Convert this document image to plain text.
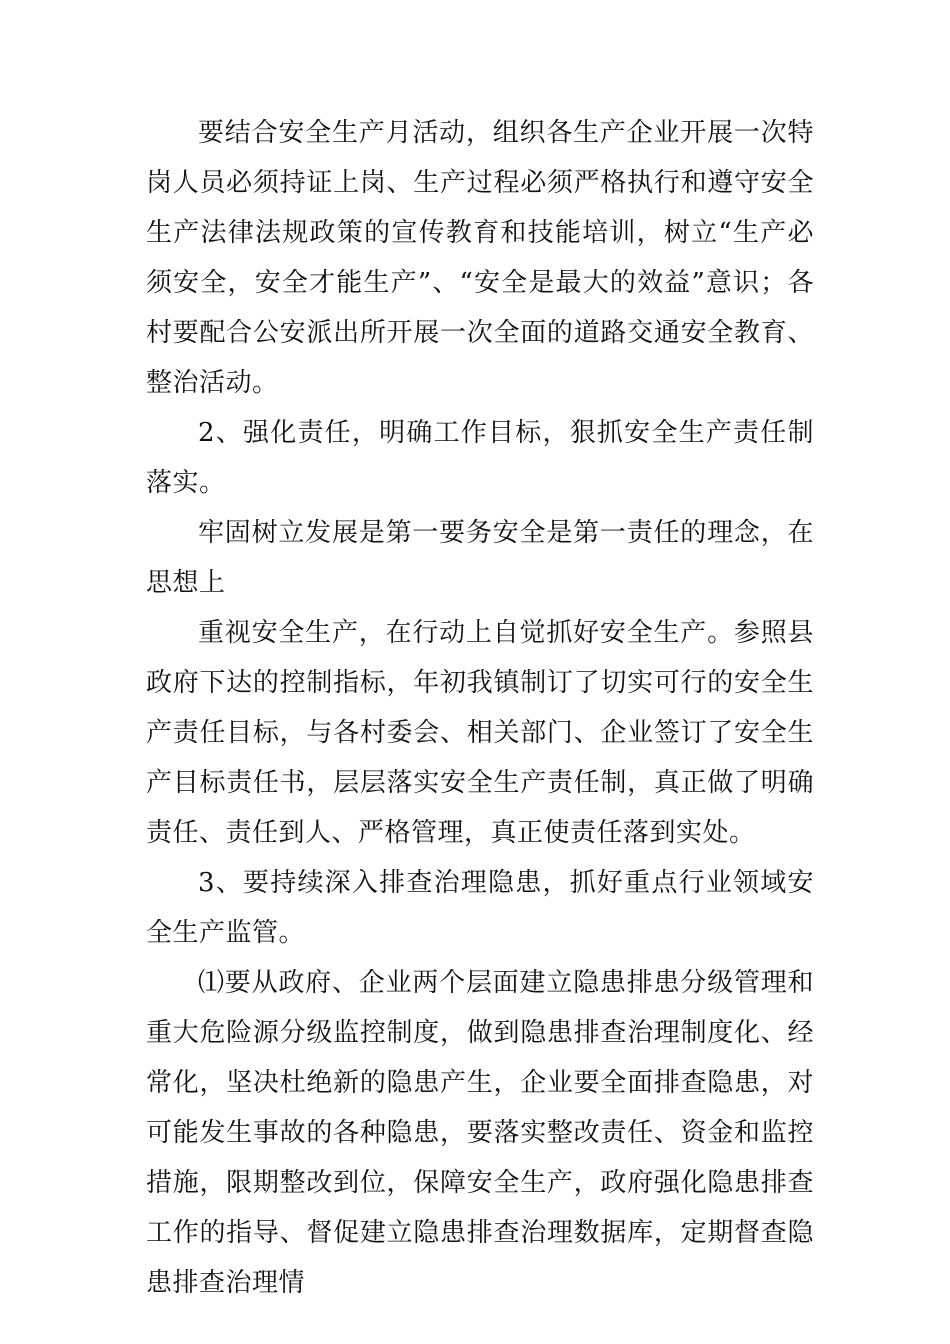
要结合安全生产月活动，组织各生产企业开展一次特岗人员必须持证上岗、生产过程必须严格执行和遵守安全生产法律法规政策的宣传教育和技能培训，树立“生产必须安全，安全才能生产”、“安全是最大的效益”意识；各村要配合公安派出所开展一次全面的道路交通安全教育、整治活动。

2、强化责任，明确工作目标，狠抓安全生产责任制落实。

牢固树立发展是第一要务安全是第一责任的理念，在思想上

重视安全生产，在行动上自觉抓好安全生产。参照县政府下达的控制指标，年初我镇制订了切实可行的安全生产责任目标，与各村委会、相关部门、企业签订了安全生产目标责任书，层层落实安全生产责任制，真正做了明确责任、责任到人、严格管理，真正使责任落到实处。

3、要持续深入排查治理隐患，抓好重点行业领域安全生产监管。

⑴要从政府、企业两个层面建立隐患排患分级管理和重大危险源分级监控制度，做到隐患排查治理制度化、经常化，坚决杜绝新的隐患产生，企业要全面排查隐患，对可能发生事故的各种隐患，要落实整改责任、资金和监控措施，限期整改到位，保障安全生产，政府强化隐患排查工作的指导、督促建立隐患排查治理数据库，定期督查隐患排查治理情
